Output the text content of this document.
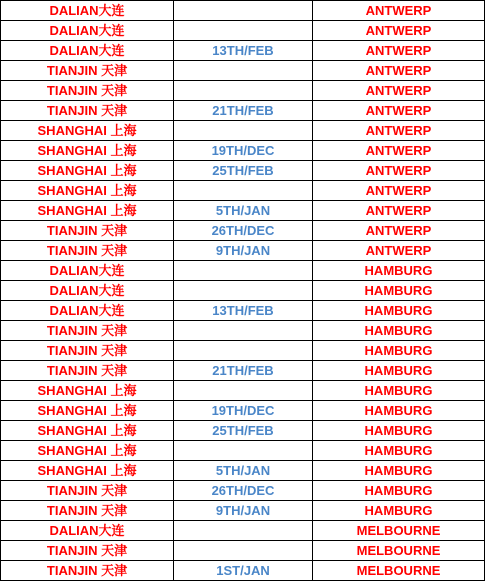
DALIAN大连		ANTWERP
DALIAN大连		ANTWERP
DALIAN大连	13TH/FEB	ANTWERP
TIANJIN 天津		ANTWERP
TIANJIN 天津		ANTWERP
TIANJIN 天津	21TH/FEB	ANTWERP
SHANGHAI 上海		ANTWERP
SHANGHAI 上海	19TH/DEC	ANTWERP
SHANGHAI 上海	25TH/FEB	ANTWERP
SHANGHAI 上海		ANTWERP
SHANGHAI 上海	5TH/JAN	ANTWERP
TIANJIN 天津	26TH/DEC	ANTWERP
TIANJIN 天津	9TH/JAN	ANTWERP
DALIAN大连		HAMBURG
DALIAN大连		HAMBURG
DALIAN大连	13TH/FEB	HAMBURG
TIANJIN 天津		HAMBURG
TIANJIN 天津		HAMBURG
TIANJIN 天津	21TH/FEB	HAMBURG
SHANGHAI 上海		HAMBURG
SHANGHAI 上海	19TH/DEC	HAMBURG
SHANGHAI 上海	25TH/FEB	HAMBURG
SHANGHAI 上海		HAMBURG
SHANGHAI 上海	5TH/JAN	HAMBURG
TIANJIN 天津	26TH/DEC	HAMBURG
TIANJIN 天津	9TH/JAN	HAMBURG
DALIAN大连		MELBOURNE
TIANJIN 天津		MELBOURNE
TIANJIN 天津	1ST/JAN	MELBOURNE
